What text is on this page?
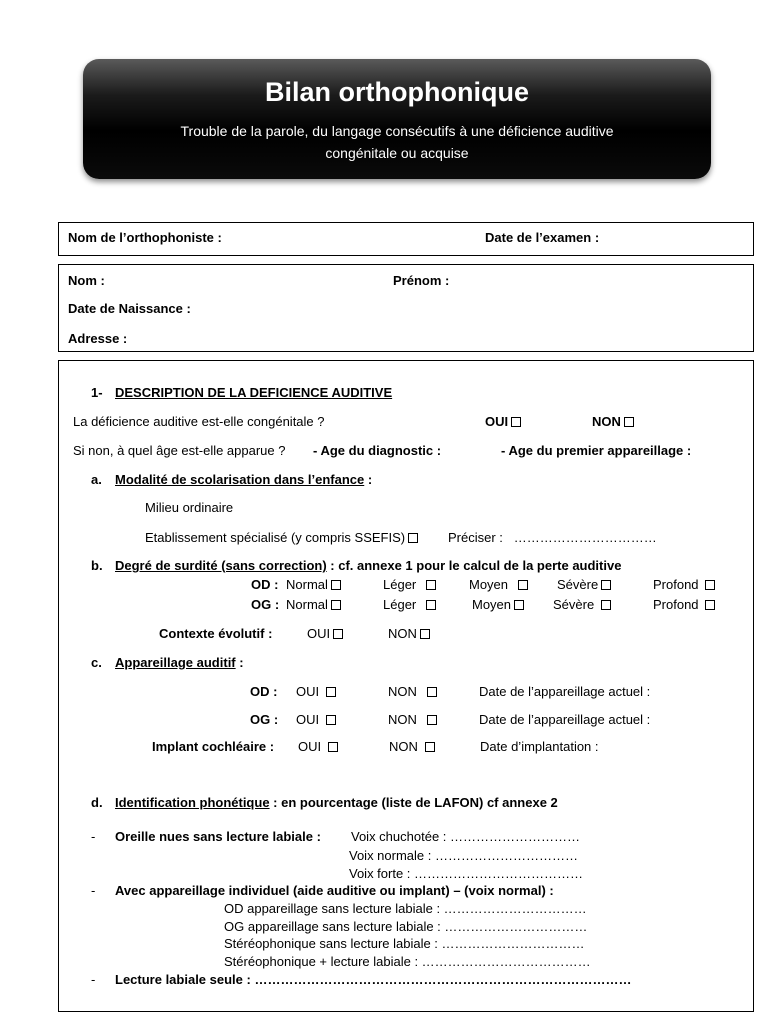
Bilan orthophonique
Trouble de la parole, du langage consécutifs à une déficience auditive
congénitale ou acquise
Nom de l’orthophoniste :	Date de l’examen :
Nom :	Prénom :
Date de Naissance :
Adresse :
1- DESCRIPTION DE LA DEFICIENCE AUDITIVE
La déficience auditive est-elle congénitale ?	OUI	NON
Si non, à quel âge est-elle apparue ? - Age du diagnostic :	- Age du premier appareillage :
a. Modalité de scolarisation dans l’enfance :
Milieu ordinaire
Etablissement spécialisé (y compris SSEFIS)	Préciser : ……………………………
b. Degré de surdité (sans correction) : cf. annexe 1 pour le calcul de la perte auditive
OD : Normal	Léger	Moyen	Sévère	Profond
OG : Normal	Léger	Moyen	Sévère	Profond
Contexte évolutif :	OUI	NON
c. Appareillage auditif :
OD : OUI	NON	Date de l’appareillage actuel :
OG : OUI	NON	Date de l’appareillage actuel :
Implant cochléaire : OUI	NON	Date d’implantation :
d. Identification phonétique : en pourcentage (liste de LAFON) cf annexe 2
- Oreille nues sans lecture labiale : Voix chuchotée : …………………………
Voix normale : ……………………………
Voix forte : …………………………………
- Avec appareillage individuel (aide auditive ou implant) – (voix normal) :
OD appareillage sans lecture labiale : ……………………………
OG appareillage sans lecture labiale : ……………………………
Stéréophonique sans lecture labiale : ……………………………
Stéréophonique + lecture labiale : …………………………………
- Lecture labiale seule : ……………………………………………………………………………
